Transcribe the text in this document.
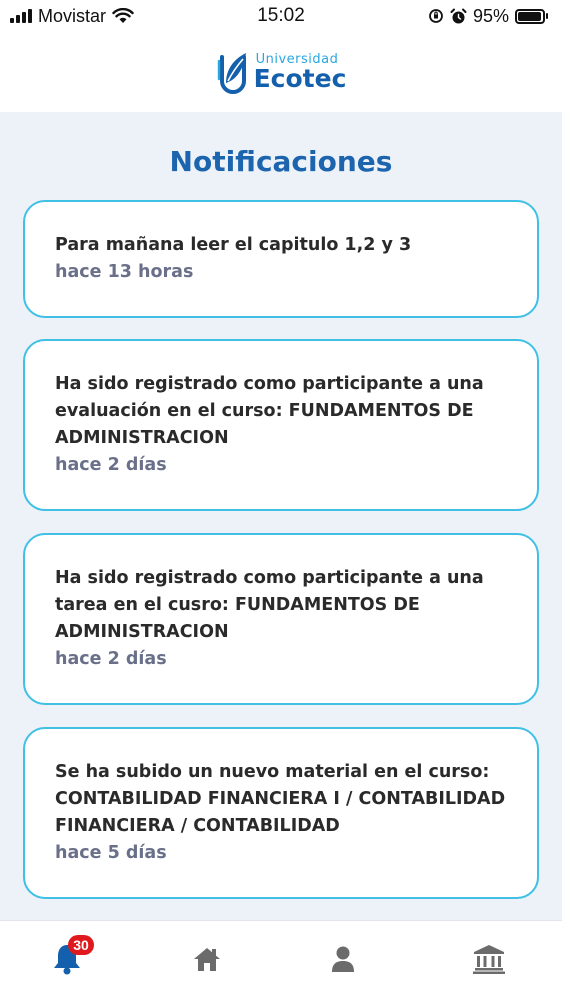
Movistar	15:02	95%
Universidad
Ecotec
Notificaciones

Para mañana leer el capitulo 1,2 y 3

hace 13 horas

Ha sido registrado como participante a una evaluación en el curso: FUNDAMENTOS DE ADMINISTRACION

hace 2 días

Ha sido registrado como participante a una tarea en el cusro: FUNDAMENTOS DE ADMINISTRACION

hace 2 días

Se ha subido un nuevo material en el curso: CONTABILIDAD FINANCIERA I / CONTABILIDAD FINANCIERA / CONTABILIDAD

hace 5 días

30
